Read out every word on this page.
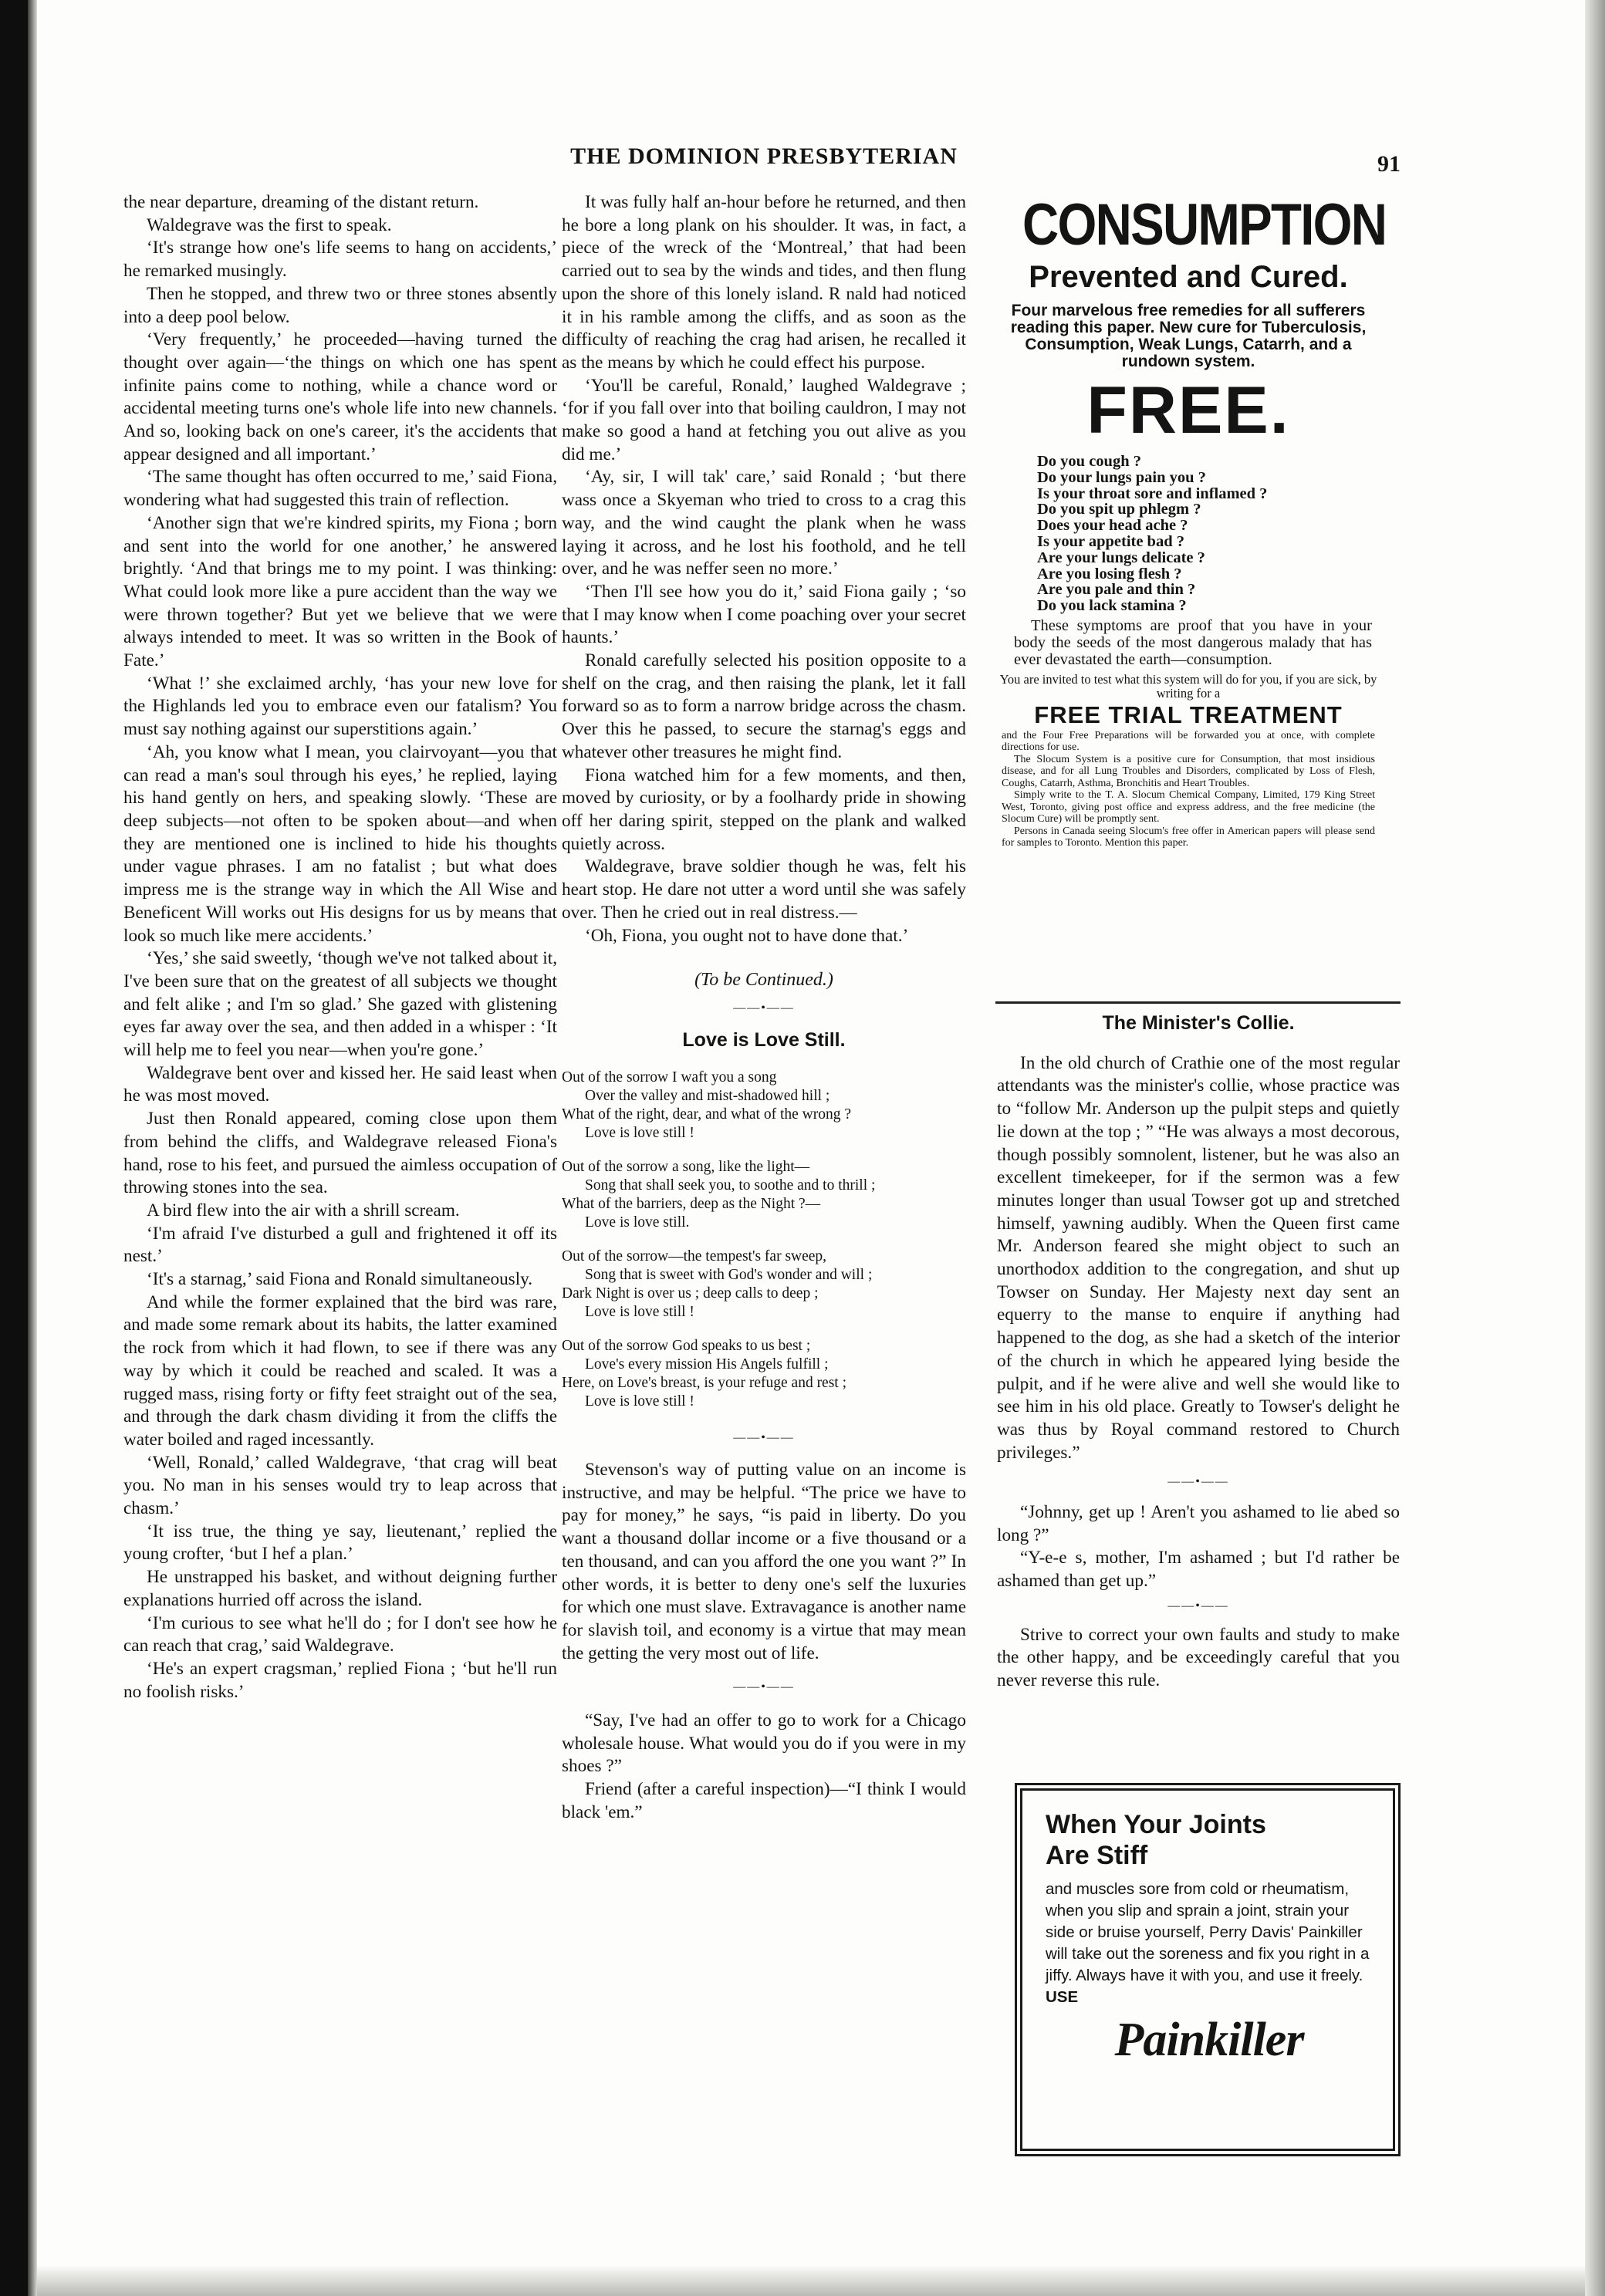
THE DOMINION PRESBYTERIAN	91

the near departure, dreaming of the distant return.

Waldegrave was the first to speak.

‘It's strange how one's life seems to hang on accidents,’ he remarked musingly.

Then he stopped, and threw two or three stones absently into a deep pool below.

‘Very frequently,’ he proceeded—having turned the thought over again—‘the things on which one has spent infinite pains come to nothing, while a chance word or accidental meeting turns one's whole life into new channels. And so, looking back on one's career, it's the accidents that appear designed and all important.’

‘The same thought has often occurred to me,’ said Fiona, wondering what had suggested this train of reflection.

‘Another sign that we're kindred spirits, my Fiona ; born and sent into the world for one another,’ he answered brightly. ‘And that brings me to my point. I was thinking: What could look more like a pure accident than the way we were thrown together? But yet we believe that we were always intended to meet. It was so written in the Book of Fate.’

‘What !’ she exclaimed archly, ‘has your new love for the Highlands led you to embrace even our fatalism? You must say nothing against our superstitions again.’

‘Ah, you know what I mean, you clairvoyant—you that can read a man's soul through his eyes,’ he replied, laying his hand gently on hers, and speaking slowly. ‘These are deep subjects—not often to be spoken about—and when they are mentioned one is inclined to hide his thoughts under vague phrases. I am no fatalist ; but what does impress me is the strange way in which the All Wise and Beneficent Will works out His designs for us by means that look so much like mere accidents.’

‘Yes,’ she said sweetly, ‘though we've not talked about it, I've been sure that on the greatest of all subjects we thought and felt alike ; and I'm so glad.’ She gazed with glistening eyes far away over the sea, and then added in a whisper : ‘It will help me to feel you near—when you're gone.’

Waldegrave bent over and kissed her. He said least when he was most moved.

Just then Ronald appeared, coming close upon them from behind the cliffs, and Waldegrave released Fiona's hand, rose to his feet, and pursued the aimless occupation of throwing stones into the sea.

A bird flew into the air with a shrill scream.

‘I'm afraid I've disturbed a gull and frightened it off its nest.’

‘It's a starnag,’ said Fiona and Ronald simultaneously.

And while the former explained that the bird was rare, and made some remark about its habits, the latter examined the rock from which it had flown, to see if there was any way by which it could be reached and scaled. It was a rugged mass, rising forty or fifty feet straight out of the sea, and through the dark chasm dividing it from the cliffs the water boiled and raged incessantly.

‘Well, Ronald,’ called Waldegrave, ‘that crag will beat you. No man in his senses would try to leap across that chasm.’

‘It iss true, the thing ye say, lieutenant,’ replied the young crofter, ‘but I hef a plan.’

He unstrapped his basket, and without deigning further explanations hurried off across the island.

‘I'm curious to see what he'll do ; for I don't see how he can reach that crag,’ said Waldegrave.

‘He's an expert cragsman,’ replied Fiona ; ‘but he'll run no foolish risks.’

It was fully half an-hour before he returned, and then he bore a long plank on his shoulder. It was, in fact, a piece of the wreck of the ‘Montreal,’ that had been carried out to sea by the winds and tides, and then flung upon the shore of this lonely island. R nald had noticed it in his ramble among the cliffs, and as soon as the difficulty of reaching the crag had arisen, he recalled it as the means by which he could effect his purpose.

‘You'll be careful, Ronald,’ laughed Waldegrave ; ‘for if you fall over into that boiling cauldron, I may not make so good a hand at fetching you out alive as you did me.’

‘Ay, sir, I will tak' care,’ said Ronald ; ‘but there wass once a Skyeman who tried to cross to a crag this way, and the wind caught the plank when he wass laying it across, and he lost his foothold, and he tell over, and he was neffer seen no more.’

‘Then I'll see how you do it,’ said Fiona gaily ; ‘so that I may know when I come poaching over your secret haunts.’

Ronald carefully selected his position opposite to a shelf on the crag, and then raising the plank, let it fall forward so as to form a narrow bridge across the chasm. Over this he passed, to secure the starnag's eggs and whatever other treasures he might find.

Fiona watched him for a few moments, and then, moved by curiosity, or by a foolhardy pride in showing off her daring spirit, stepped on the plank and walked quietly across.

Waldegrave, brave soldier though he was, felt his heart stop. He dare not utter a word until she was safely over. Then he cried out in real distress.—

‘Oh, Fiona, you ought not to have done that.’

(To be Continued.)
——•——
Love is Love Still.
Out of the sorrow I waft you a song
Over the valley and mist-shadowed hill ;
What of the right, dear, and what of the wrong ?
Love is love still !
Out of the sorrow a song, like the light—
Song that shall seek you, to soothe and to thrill ;
What of the barriers, deep as the Night ?—
Love is love still.
Out of the sorrow—the tempest's far sweep,
Song that is sweet with God's wonder and will ;
Dark Night is over us ; deep calls to deep ;
Love is love still !
Out of the sorrow God speaks to us best ;
Love's every mission His Angels fulfill ;
Here, on Love's breast, is your refuge and rest ;
Love is love still !
——•——

Stevenson's way of putting value on an income is instructive, and may be helpful. “The price we have to pay for money,” he says, “is paid in liberty. Do you want a thousand dollar income or a five thousand or a ten thousand, and can you afford the one you want ?” In other words, it is better to deny one's self the luxuries for which one must slave. Extravagance is another name for slavish toil, and economy is a virtue that may mean the getting the very most out of life.

——•——

“Say, I've had an offer to go to work for a Chicago wholesale house. What would you do if you were in my shoes ?”

Friend (after a careful inspection)—“I think I would black 'em.”

CONSUMPTION
Prevented and Cured.
Four marvelous free remedies for all sufferers reading this paper. New cure for Tuberculosis, Consumption, Weak Lungs, Catarrh, and a rundown system.
FREE.
Do you cough ?
Do your lungs pain you ?
Is your throat sore and inflamed ?
Do you spit up phlegm ?
Does your head ache ?
Is your appetite bad ?
Are your lungs delicate ?
Are you losing flesh ?
Are you pale and thin ?
Do you lack stamina ?
These symptoms are proof that you have in your body the seeds of the most dangerous malady that has ever devastated the earth—consumption.
You are invited to test what this system will do for you, if you are sick, by writing for a
FREE TRIAL TREATMENT

and the Four Free Preparations will be forwarded you at once, with complete directions for use.

The Slocum System is a positive cure for Consumption, that most insidious disease, and for all Lung Troubles and Disorders, complicated by Loss of Flesh, Coughs, Catarrh, Asthma, Bronchitis and Heart Troubles.

Simply write to the T. A. Slocum Chemical Company, Limited, 179 King Street West, Toronto, giving post office and express address, and the free medicine (the Slocum Cure) will be promptly sent.

Persons in Canada seeing Slocum's free offer in American papers will please send for samples to Toronto. Mention this paper.

The Minister's Collie.

In the old church of Crathie one of the most regular attendants was the minister's collie, whose practice was to “follow Mr. Anderson up the pulpit steps and quietly lie down at the top ; ” “He was always a most decorous, though possibly somnolent, listener, but he was also an excellent timekeeper, for if the sermon was a few minutes longer than usual Towser got up and stretched himself, yawning audibly. When the Queen first came Mr. Anderson feared she might object to such an unorthodox addition to the congregation, and shut up Towser on Sunday. Her Majesty next day sent an equerry to the manse to enquire if anything had happened to the dog, as she had a sketch of the interior of the church in which he appeared lying beside the pulpit, and if he were alive and well she would like to see him in his old place. Greatly to Towser's delight he was thus by Royal command restored to Church privileges.”

——•——

“Johnny, get up ! Aren't you ashamed to lie abed so long ?”

“Y-e-e s, mother, I'm ashamed ; but I'd rather be ashamed than get up.”

——•——

Strive to correct your own faults and study to make the other happy, and be exceedingly careful that you never reverse this rule.

When Your Joints
Are Stiff
and muscles sore from cold or rheumatism, when you slip and sprain a joint, strain your side or bruise yourself, Perry Davis' Painkiller will take out the soreness and fix you right in a jiffy. Always have it with you, and use it freely. USE
Painkiller
